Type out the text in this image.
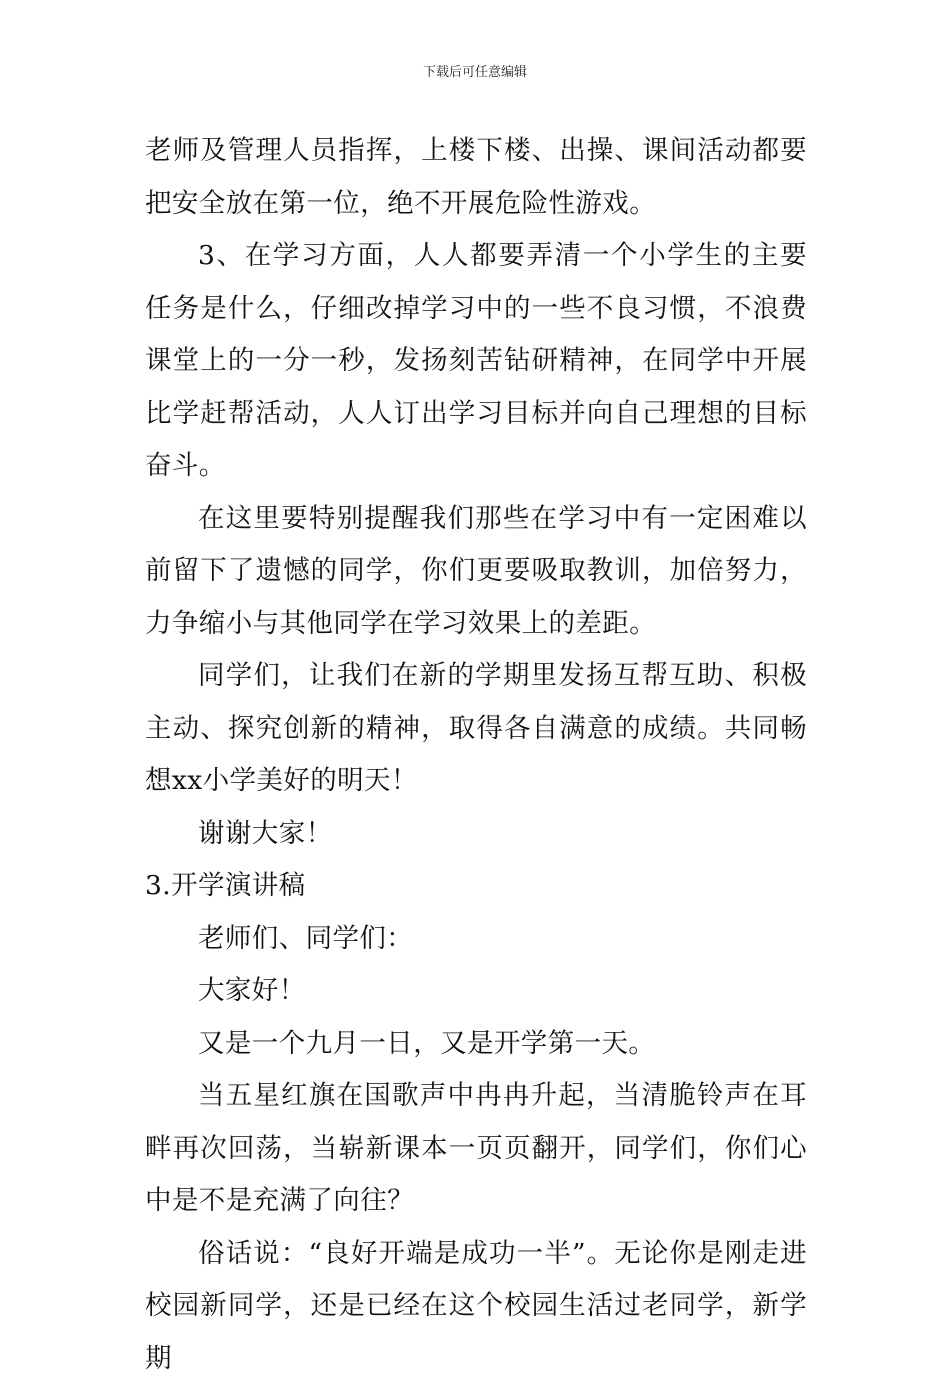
下载后可任意编辑

老师及管理人员指挥，上楼下楼、出操、课间活动都要把安全放在第一位，绝不开展危险性游戏。

3、在学习方面，人人都要弄清一个小学生的主要任务是什么，仔细改掉学习中的一些不良习惯，不浪费课堂上的一分一秒，发扬刻苦钻研精神，在同学中开展比学赶帮活动，人人订出学习目标并向自己理想的目标奋斗。

在这里要特别提醒我们那些在学习中有一定困难以前留下了遗憾的同学，你们更要吸取教训，加倍努力，力争缩小与其他同学在学习效果上的差距。

同学们，让我们在新的学期里发扬互帮互助、积极主动、探究创新的精神，取得各自满意的成绩。共同畅想xx小学美好的明天！

谢谢大家！

3.开学演讲稿

老师们、同学们：

大家好！

又是一个九月一日，又是开学第一天。

当五星红旗在国歌声中冉冉升起，当清脆铃声在耳畔再次回荡，当崭新课本一页页翻开，同学们，你们心中是不是充满了向往？

俗话说：“良好开端是成功一半”。无论你是刚走进校园新同学，还是已经在这个校园生活过老同学，新学期
